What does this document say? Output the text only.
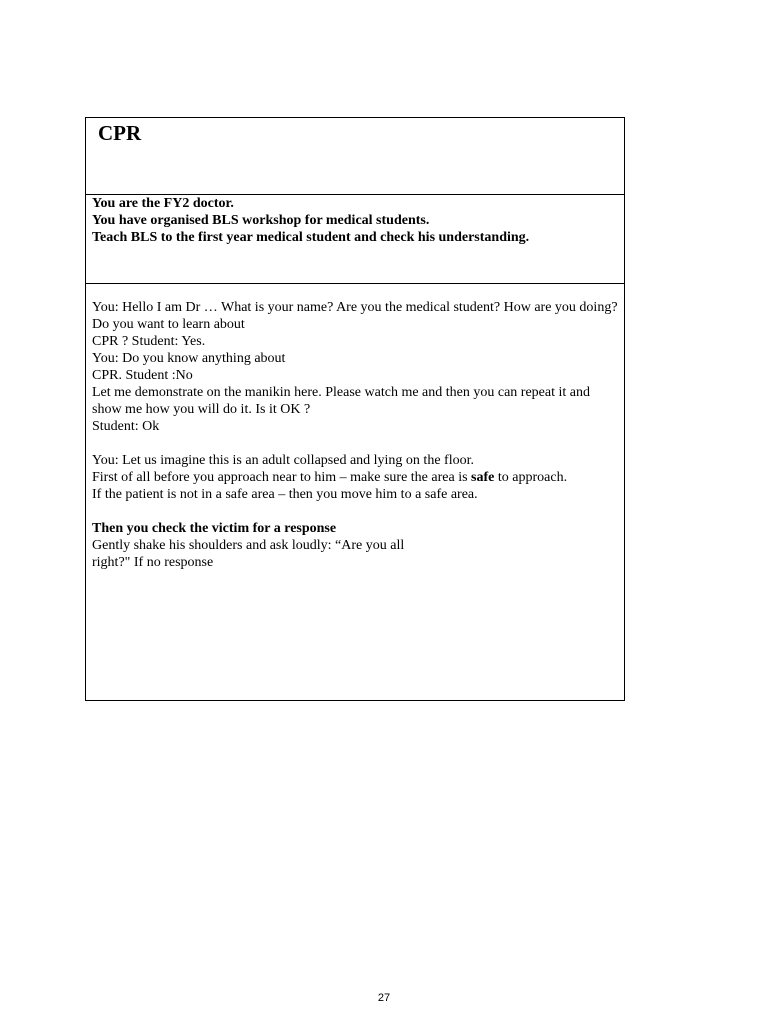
CPR
You are the FY2 doctor.
You have organised BLS workshop for medical students.
Teach BLS to the first year medical student and check his understanding.

You: Hello I am Dr … What is your name? Are you the medical student? How are you doing?

Do you want to learn about

CPR ? Student: Yes.

You: Do you know anything about

CPR. Student :No

Let me demonstrate on the manikin here. Please watch me and then you can repeat it and show me how you will do it. Is it OK ?

Student: Ok

You: Let us imagine this is an adult collapsed and lying on the floor.

First of all before you approach near to him – make sure the area is safe to approach.

If the patient is not in a safe area – then you move him to a safe area.

Then you check the victim for a response

Gently shake his shoulders and ask loudly: “Are you all

right?" If no response

27
